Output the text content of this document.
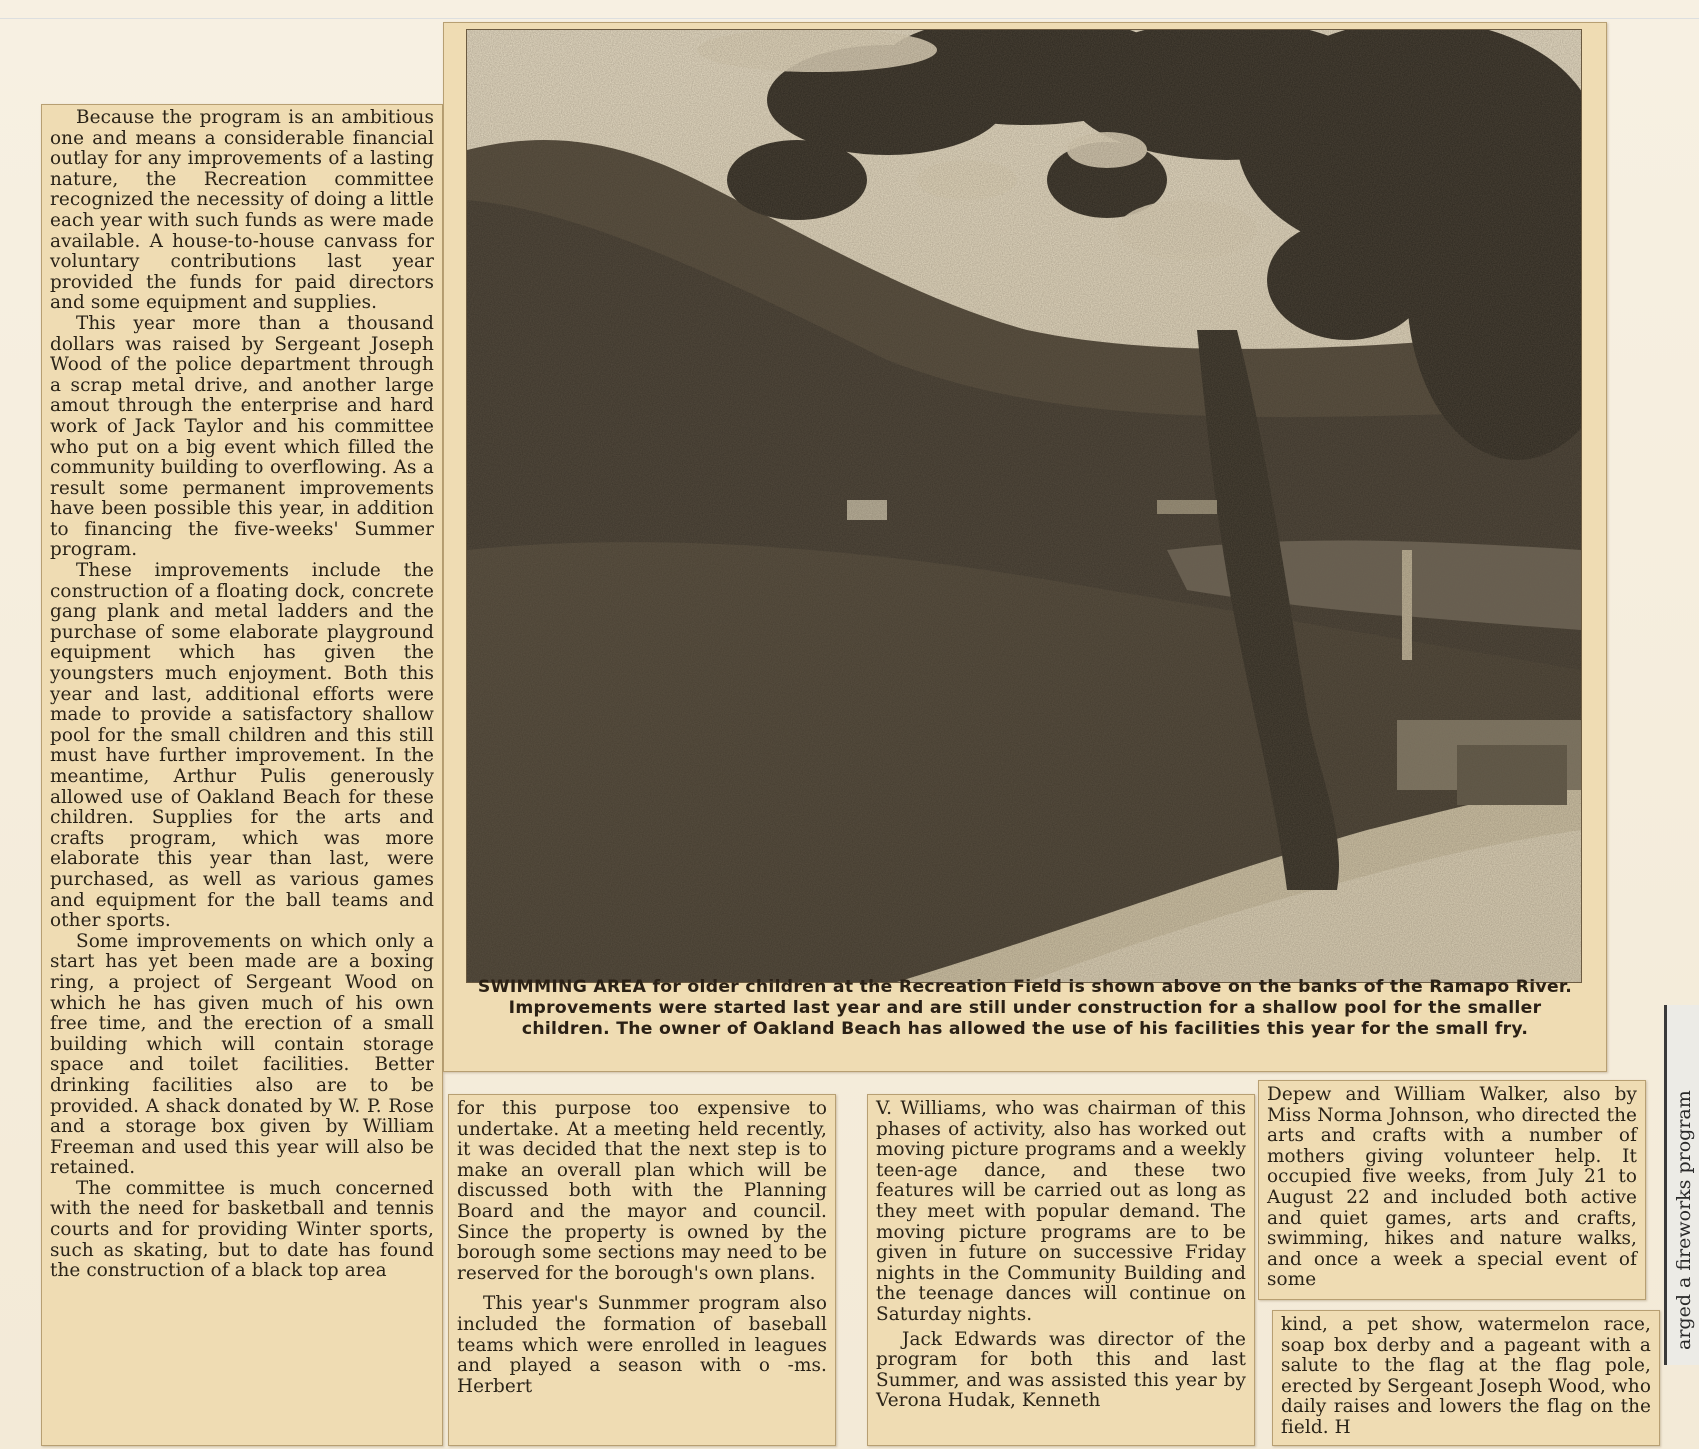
Because the program is an ambitious one and means a considerable financial outlay for any improvements of a lasting nature, the Recreation committee recognized the necessity of doing a little each year with such funds as were made available. A house-to-house canvass for voluntary contributions last year provided the funds for paid directors and some equipment and supplies.

This year more than a thousand dollars was raised by Sergeant Joseph Wood of the police department through a scrap metal drive, and another large amout through the enterprise and hard work of Jack Taylor and his committee who put on a big event which filled the community building to overflowing. As a result some permanent improvements have been possible this year, in addition to financing the five-weeks' Summer program.

These improvements include the construction of a floating dock, concrete gang plank and metal ladders and the purchase of some elaborate playground equipment which has given the youngsters much enjoyment. Both this year and last, additional efforts were made to provide a satisfactory shallow pool for the small children and this still must have further improvement. In the meantime, Arthur Pulis generously allowed use of Oakland Beach for these children. Supplies for the arts and crafts program, which was more elaborate this year than last, were purchased, as well as various games and equipment for the ball teams and other sports.

Some improvements on which only a start has yet been made are a boxing ring, a project of Sergeant Wood on which he has given much of his own free time, and the erection of a small building which will contain storage space and toilet facilities. Better drinking facilities also are to be provided. A shack donated by W. P. Rose and a storage box given by William Freeman and used this year will also be retained.

The committee is much concerned with the need for basketball and tennis courts and for providing Winter sports, such as skating, but to date has found the construction of a black top area

SWIMMING AREA for older children at the Recreation Field is shown above on the banks of the Ramapo River. Improvements were started last year and are still under construction for a shallow pool for the smaller children. The owner of Oakland Beach has allowed the use of his facilities this year for the small fry.

for this purpose too expensive to undertake. At a meeting held recently, it was decided that the next step is to make an overall plan which will be discussed both with the Planning Board and the mayor and council. Since the property is owned by the borough some sections may need to be reserved for the borough's own plans.

This year's Sunmmer program also included the formation of baseball teams which were enrolled in leagues and played a season with o -ms. Herbert

V. Williams, who was chairman of this phases of activity, also has worked out moving picture programs and a weekly teen-age dance, and these two features will be carried out as long as they meet with popular demand. The moving picture programs are to be given in future on successive Friday nights in the Community Building and the teenage dances will continue on Saturday nights.

Jack Edwards was director of the program for both this and last Summer, and was assisted this year by Verona Hudak, Kenneth

Depew and William Walker, also by Miss Norma Johnson, who directed the arts and crafts with a number of mothers giving volunteer help. It occupied five weeks, from July 21 to August 22 and included both active and quiet games, arts and crafts, swimming, hikes and nature walks, and once a week a special event of some

kind, a pet show, watermelon race, soap box derby and a pageant with a salute to the flag at the flag pole, erected by Sergeant Joseph Wood, who daily raises and lowers the flag on the field. H

arged a fireworks program
